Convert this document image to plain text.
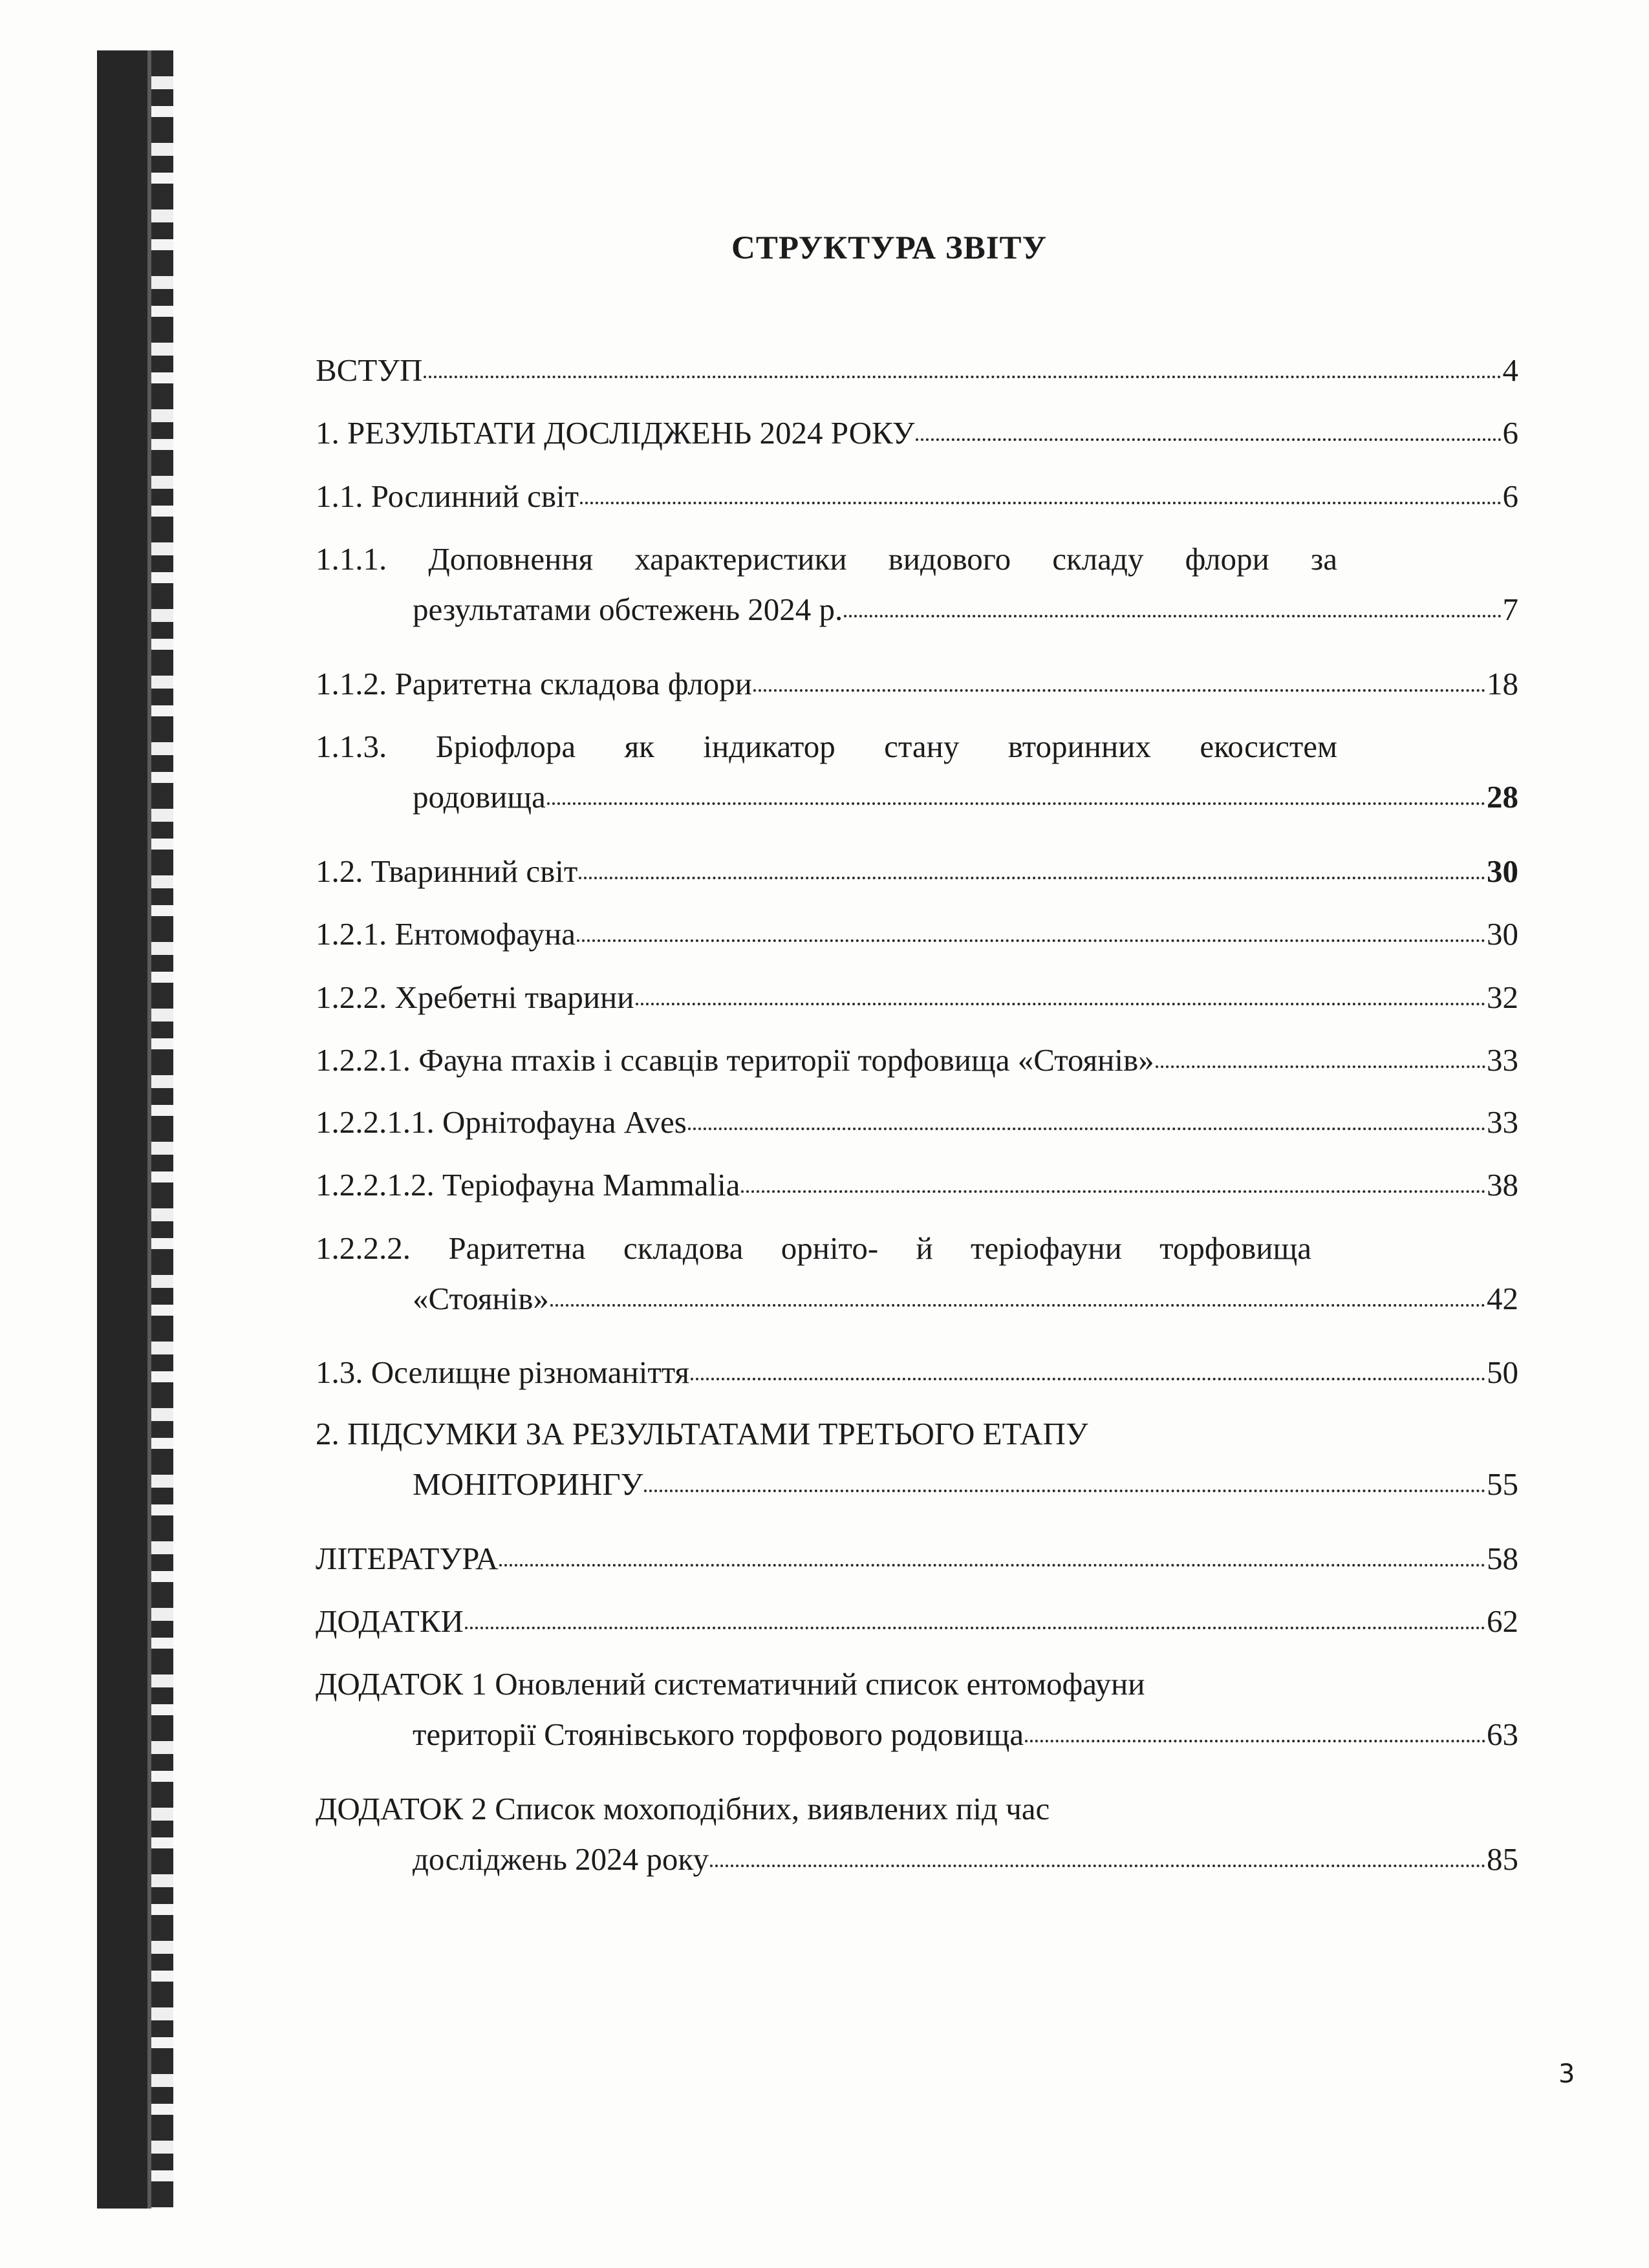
СТРУКТУРА ЗВІТУ
ВСТУП	4
1. РЕЗУЛЬТАТИ ДОСЛІДЖЕНЬ 2024 РОКУ	6
1.1. Рослинний світ	6
1.1.1. Доповнення характеристики видового складу флори за
результатами обстежень 2024 р.	7
1.1.2. Раритетна складова флори	18
1.1.3. Бріофлора як індикатор стану вторинних екосистем
родовища	28
1.2. Тваринний світ	30
1.2.1. Ентомофауна	30
1.2.2. Хребетні тварини	32
1.2.2.1. Фауна птахів і ссавців території торфовища «Стоянів»	33
1.2.2.1.1. Орнітофауна Aves	33
1.2.2.1.2. Теріофауна Mammalia	38
1.2.2.2. Раритетна складова орніто- й теріофауни торфовища
«Стоянів»	42
1.3. Оселищне різноманіття	50
2. ПІДСУМКИ ЗА РЕЗУЛЬТАТАМИ ТРЕТЬОГО ЕТАПУ
МОНІТОРИНГУ	55
ЛІТЕРАТУРА	58
ДОДАТКИ	62
ДОДАТОК 1 Оновлений систематичний список ентомофауни
території Стоянівського торфового родовища	63
ДОДАТОК 2 Список мохоподібних, виявлених під час
досліджень 2024 року	85
3
